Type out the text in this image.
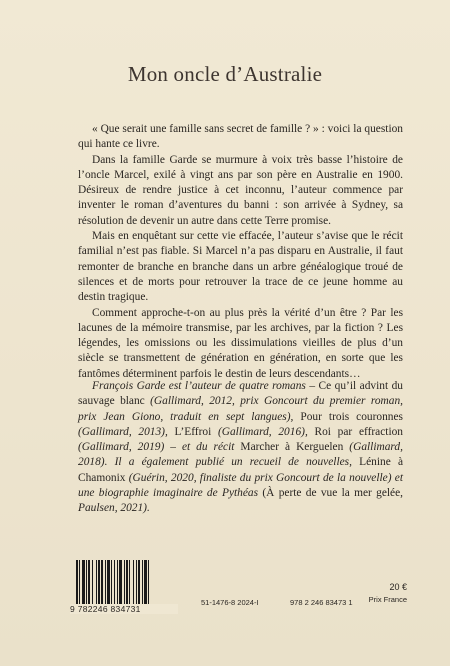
Mon oncle d’Australie

« Que serait une famille sans secret de famille ? » : voici la question qui hante ce livre.

Dans la famille Garde se murmure à voix très basse l’histoire de l’oncle Marcel, exilé à vingt ans par son père en Australie en 1900. Désireux de rendre justice à cet inconnu, l’auteur commence par inventer le roman d’aventures du banni : son arrivée à Sydney, sa résolution de devenir un autre dans cette Terre promise.

Mais en enquêtant sur cette vie effacée, l’auteur s’avise que le récit familial n’est pas fiable. Si Marcel n’a pas disparu en Australie, il faut remonter de branche en branche dans un arbre généalogique troué de silences et de morts pour retrouver la trace de ce jeune homme au destin tragique.

Comment approche-t-on au plus près la vérité d’un être ? Par les lacunes de la mémoire transmise, par les archives, par la fiction ? Les légendes, les omissions ou les dissimulations vieilles de plus d’un siècle se transmettent de génération en génération, en sorte que les fantômes déterminent parfois le destin de leurs descendants…

François Garde est l’auteur de quatre romans – Ce qu’il advint du sauvage blanc (Gallimard, 2012, prix Goncourt du premier roman, prix Jean Giono, traduit en sept langues), Pour trois couronnes (Gallimard, 2013), L’Effroi (Gallimard, 2016), Roi par effraction (Gallimard, 2019) – et du récit Marcher à Kerguelen (Gallimard, 2018). Il a également publié un recueil de nouvelles, Lénine à Chamonix (Guérin, 2020, finaliste du prix Goncourt de la nouvelle) et une biographie imaginaire de Pythéas (À perte de vue la mer gelée, Paulsen, 2021).

9 782246 834731
51-1476-8 2024-I	978 2 246 83473 1
20 €
Prix France
